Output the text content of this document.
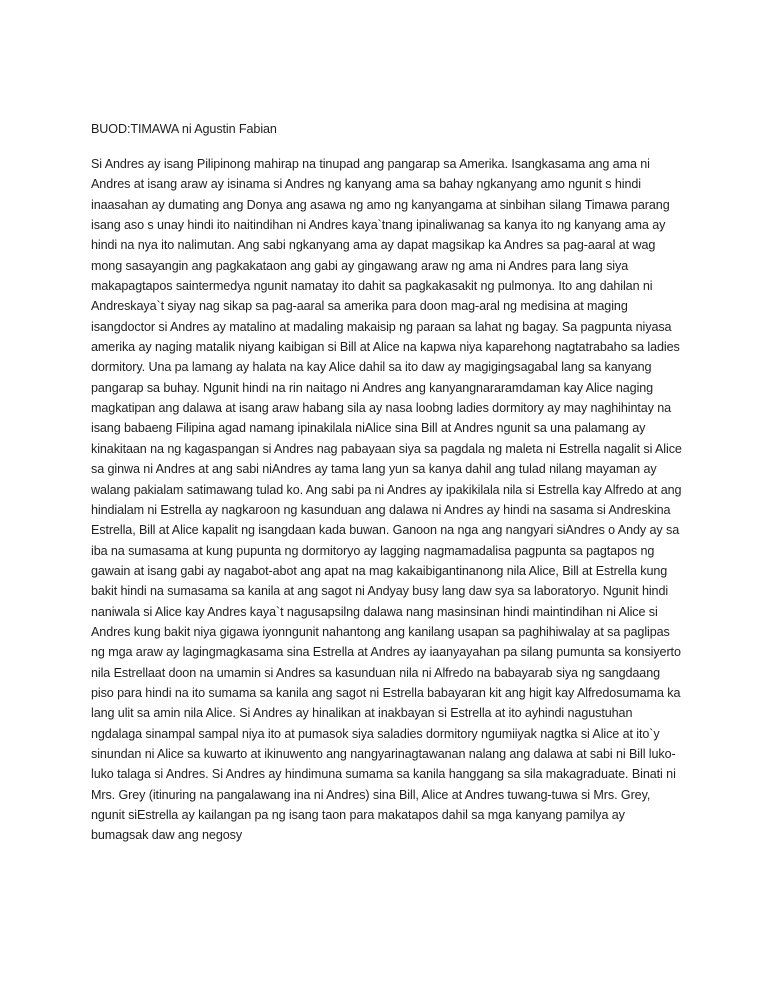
BUOD:TIMAWA ni Agustin Fabian

Si Andres ay isang Pilipinong mahirap na tinupad ang pangarap sa Amerika. Isangkasama ang ama ni Andres at isang araw ay isinama si Andres ng kanyang ama sa bahay ngkanyang amo ngunit s hindi inaasahan ay dumating ang Donya ang asawa ng amo ng kanyangama at sinbihan silang Timawa parang isang aso s unay hindi ito naitindihan ni Andres kaya`tnang ipinaliwanag sa kanya ito ng kanyang ama ay hindi na nya ito nalimutan. Ang sabi ngkanyang ama ay dapat magsikap ka Andres sa pag-aaral at wag mong sasayangin ang pagkakataon ang gabi ay gingawang araw ng ama ni Andres para lang siya makapagtapos saintermedya ngunit namatay ito dahit sa pagkakasakit ng pulmonya. Ito ang dahilan ni Andreskaya`t siyay nag sikap sa pag-aaral sa amerika para doon mag-aral ng medisina at maging isangdoctor si Andres ay matalino at madaling makaisip ng paraan sa lahat ng bagay. Sa pagpunta niyasa amerika ay naging matalik niyang kaibigan si Bill at Alice na kapwa niya kaparehong nagtatrabaho sa ladies dormitory. Una pa lamang ay halata na kay Alice dahil sa ito daw ay magigingsagabal lang sa kanyang pangarap sa buhay. Ngunit hindi na rin naitago ni Andres ang kanyangnararamdaman kay Alice naging magkatipan ang dalawa at isang araw habang sila ay nasa loobng ladies dormitory ay may naghihintay na isang babaeng Filipina agad namang ipinakilala niAlice sina Bill at Andres ngunit sa una palamang ay kinakitaan na ng kagaspangan si Andres nag pabayaan siya sa pagdala ng maleta ni Estrella nagalit si Alice sa ginwa ni Andres at ang sabi niAndres ay tama lang yun sa kanya dahil ang tulad nilang mayaman ay walang pakialam satimawang tulad ko. Ang sabi pa ni Andres ay ipakikilala nila si Estrella kay Alfredo at ang hindialam ni Estrella ay nagkaroon ng kasunduan ang dalawa ni Andres ay hindi na sasama si Andreskina Estrella, Bill at Alice kapalit ng isangdaan kada buwan. Ganoon na nga ang nangyari siAndres o Andy ay sa iba na sumasama at kung pupunta ng dormitoryo ay lagging nagmamadalisa pagpunta sa pagtapos ng gawain at isang gabi ay nagabot-abot ang apat na mag kakaibigantinanong nila Alice, Bill at Estrella kung bakit hindi na sumasama sa kanila at ang sagot ni Andyay busy lang daw sya sa laboratoryo. Ngunit hindi naniwala si Alice kay Andres kaya`t nagusapsilng dalawa nang masinsinan hindi maintindihan ni Alice si Andres kung bakit niya gigawa iyonngunit nahantong ang kanilang usapan sa paghihiwalay at sa paglipas ng mga araw ay lagingmagkasama sina Estrella at Andres ay iaanyayahan pa silang pumunta sa konsiyerto nila Estrellaat doon na umamin si Andres sa kasunduan nila ni Alfredo na babayarab siya ng sangdaang piso para hindi na ito sumama sa kanila ang sagot ni Estrella babayaran kit ang higit kay Alfredosumama ka lang ulit sa amin nila Alice. Si Andres ay hinalikan at inakbayan si Estrella at ito ayhindi nagustuhan ngdalaga sinampal sampal niya ito at pumasok siya saladies dormitory ngumiiyak nagtka si Alice at ito`y sinundan ni Alice sa kuwarto at ikinuwento ang nangyarinagtawanan nalang ang dalawa at sabi ni Bill luko-luko talaga si Andres. Si Andres ay hindimuna sumama sa kanila hanggang sa sila makagraduate. Binati ni Mrs. Grey (itinuring na pangalawang ina ni Andres) sina Bill, Alice at Andres tuwang-tuwa si Mrs. Grey, ngunit siEstrella ay kailangan pa ng isang taon para makatapos dahil sa mga kanyang pamilya ay bumagsak daw ang negosy
